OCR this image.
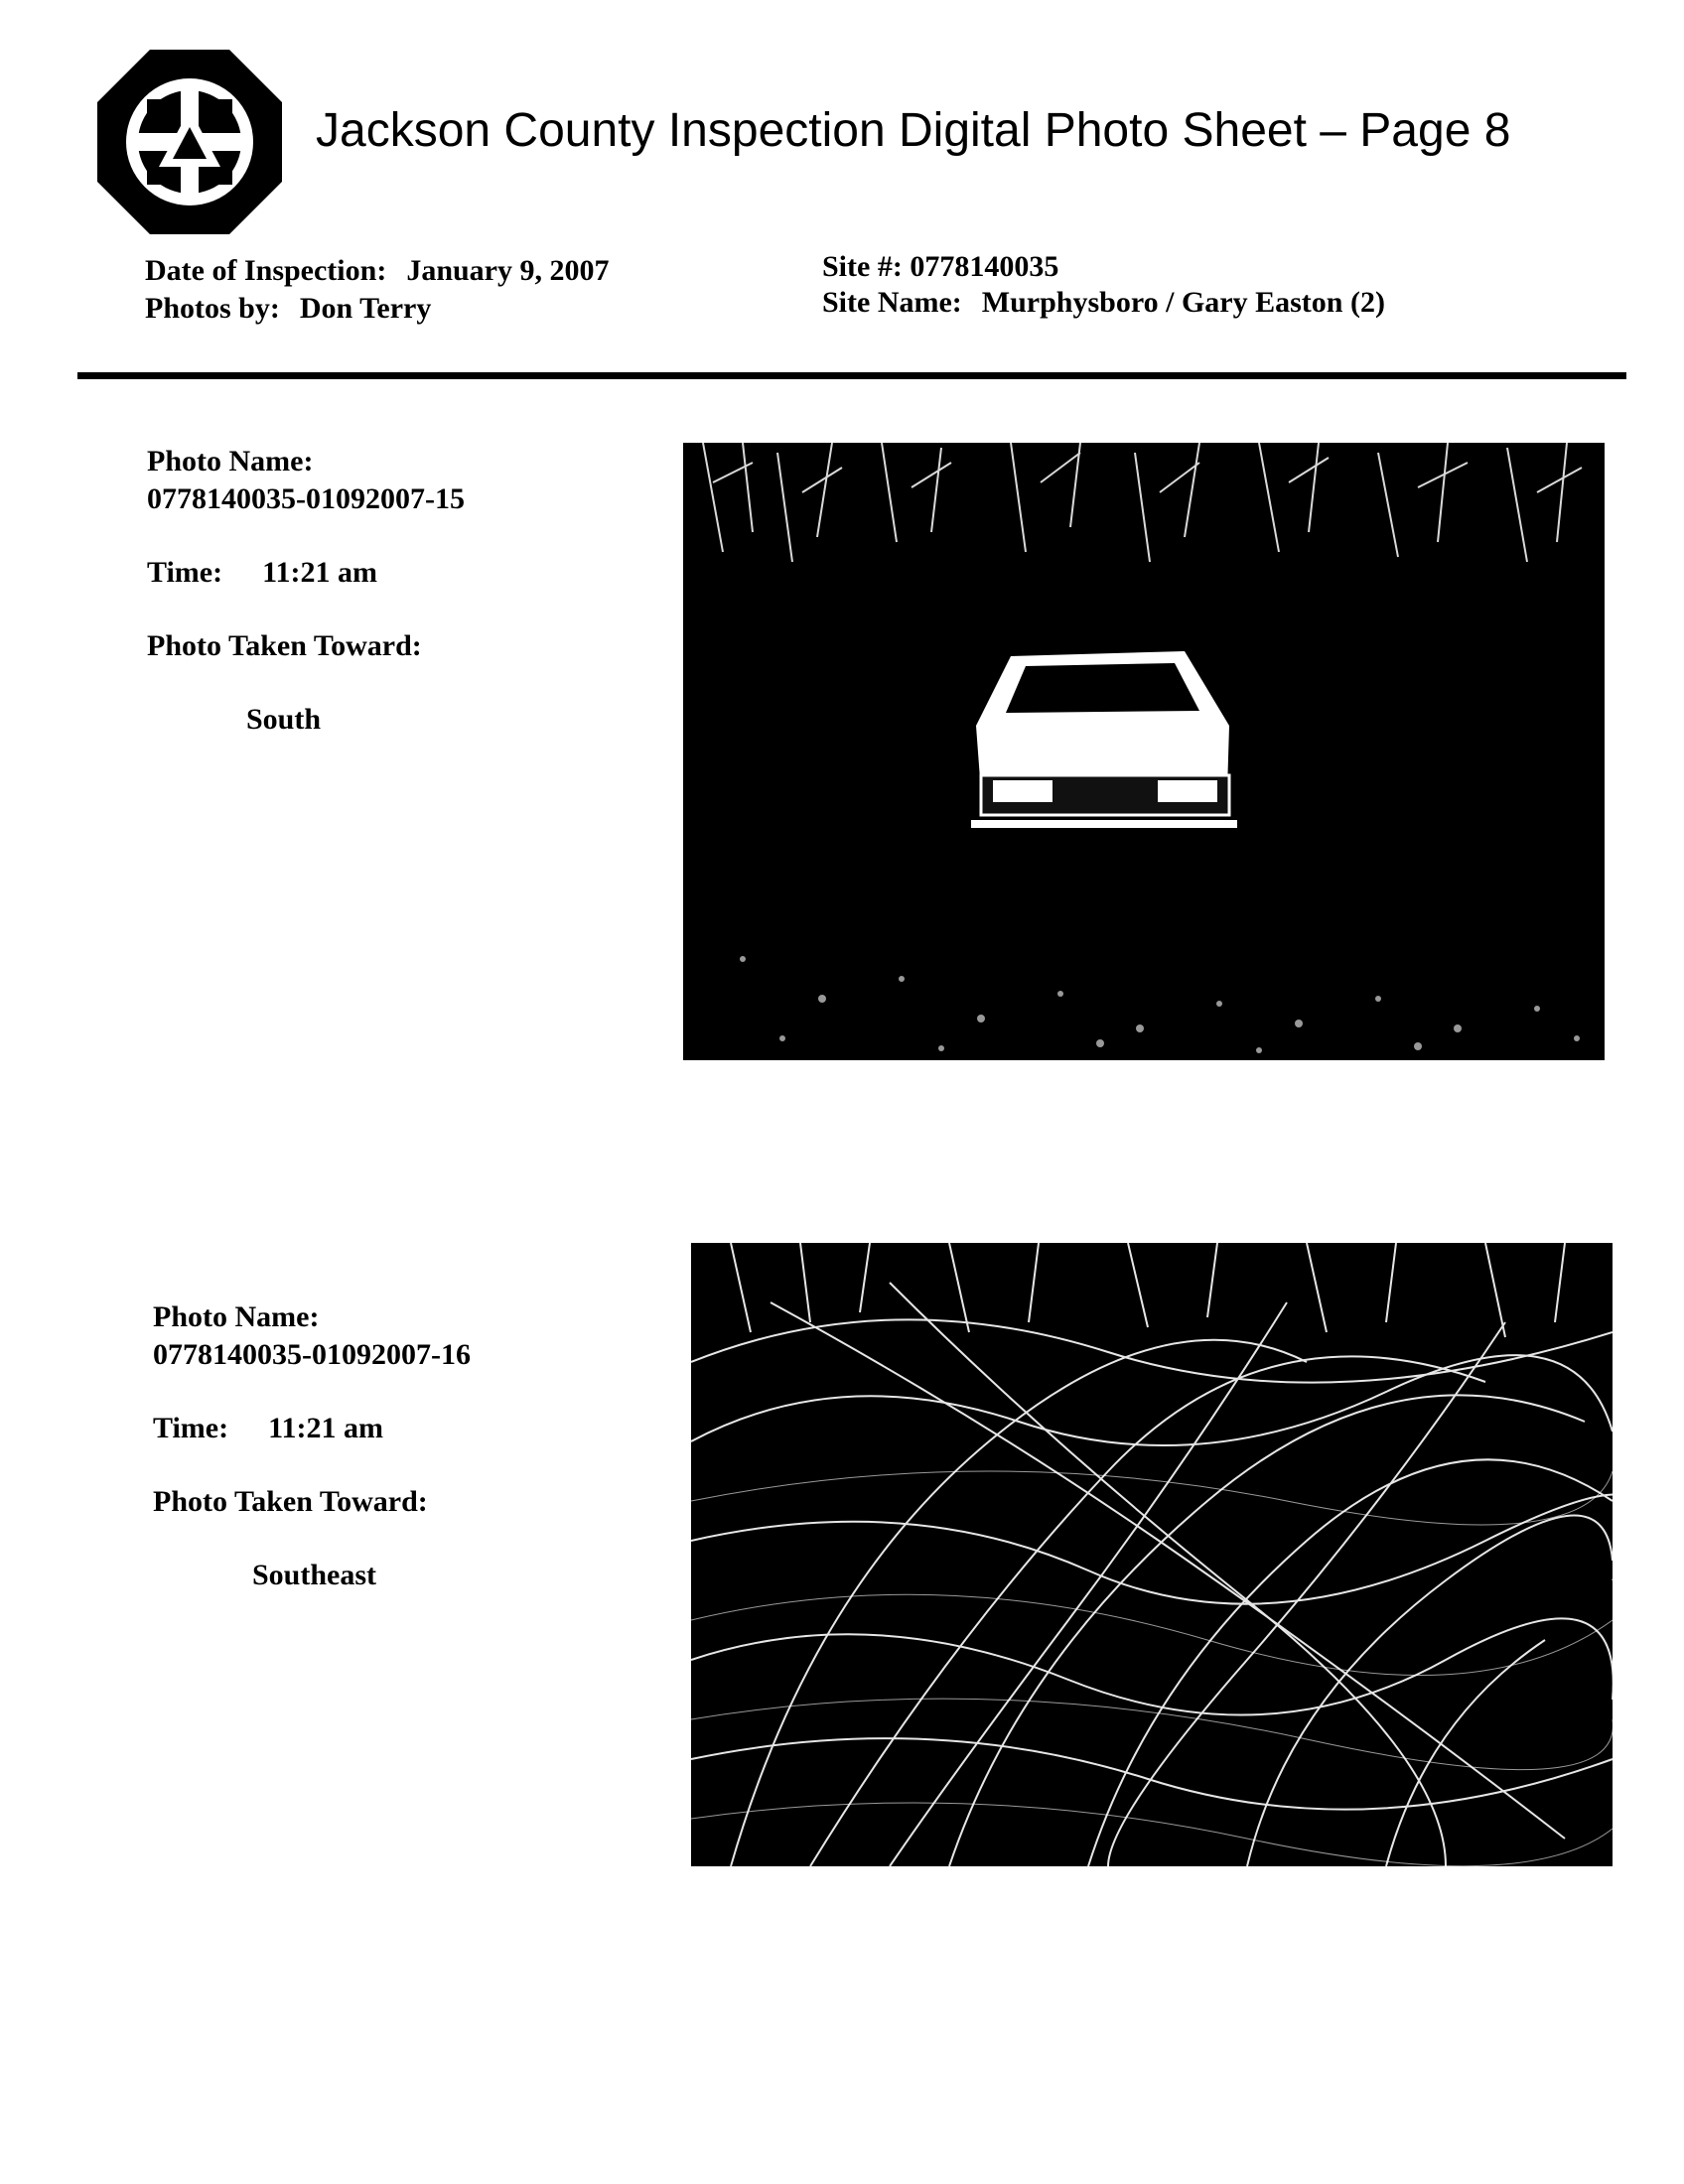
Jackson County Inspection Digital Photo Sheet – Page 8
Date of Inspection: January 9, 2007
Photos by: Don Terry
Site #: 0778140035
Site Name: Murphysboro / Gary Easton (2)

Photo Name:

0778140035-01092007-15

Time: 11:21 am

Photo Taken Toward:

South

Photo Name:

0778140035-01092007-16

Time: 11:21 am

Photo Taken Toward:

Southeast
